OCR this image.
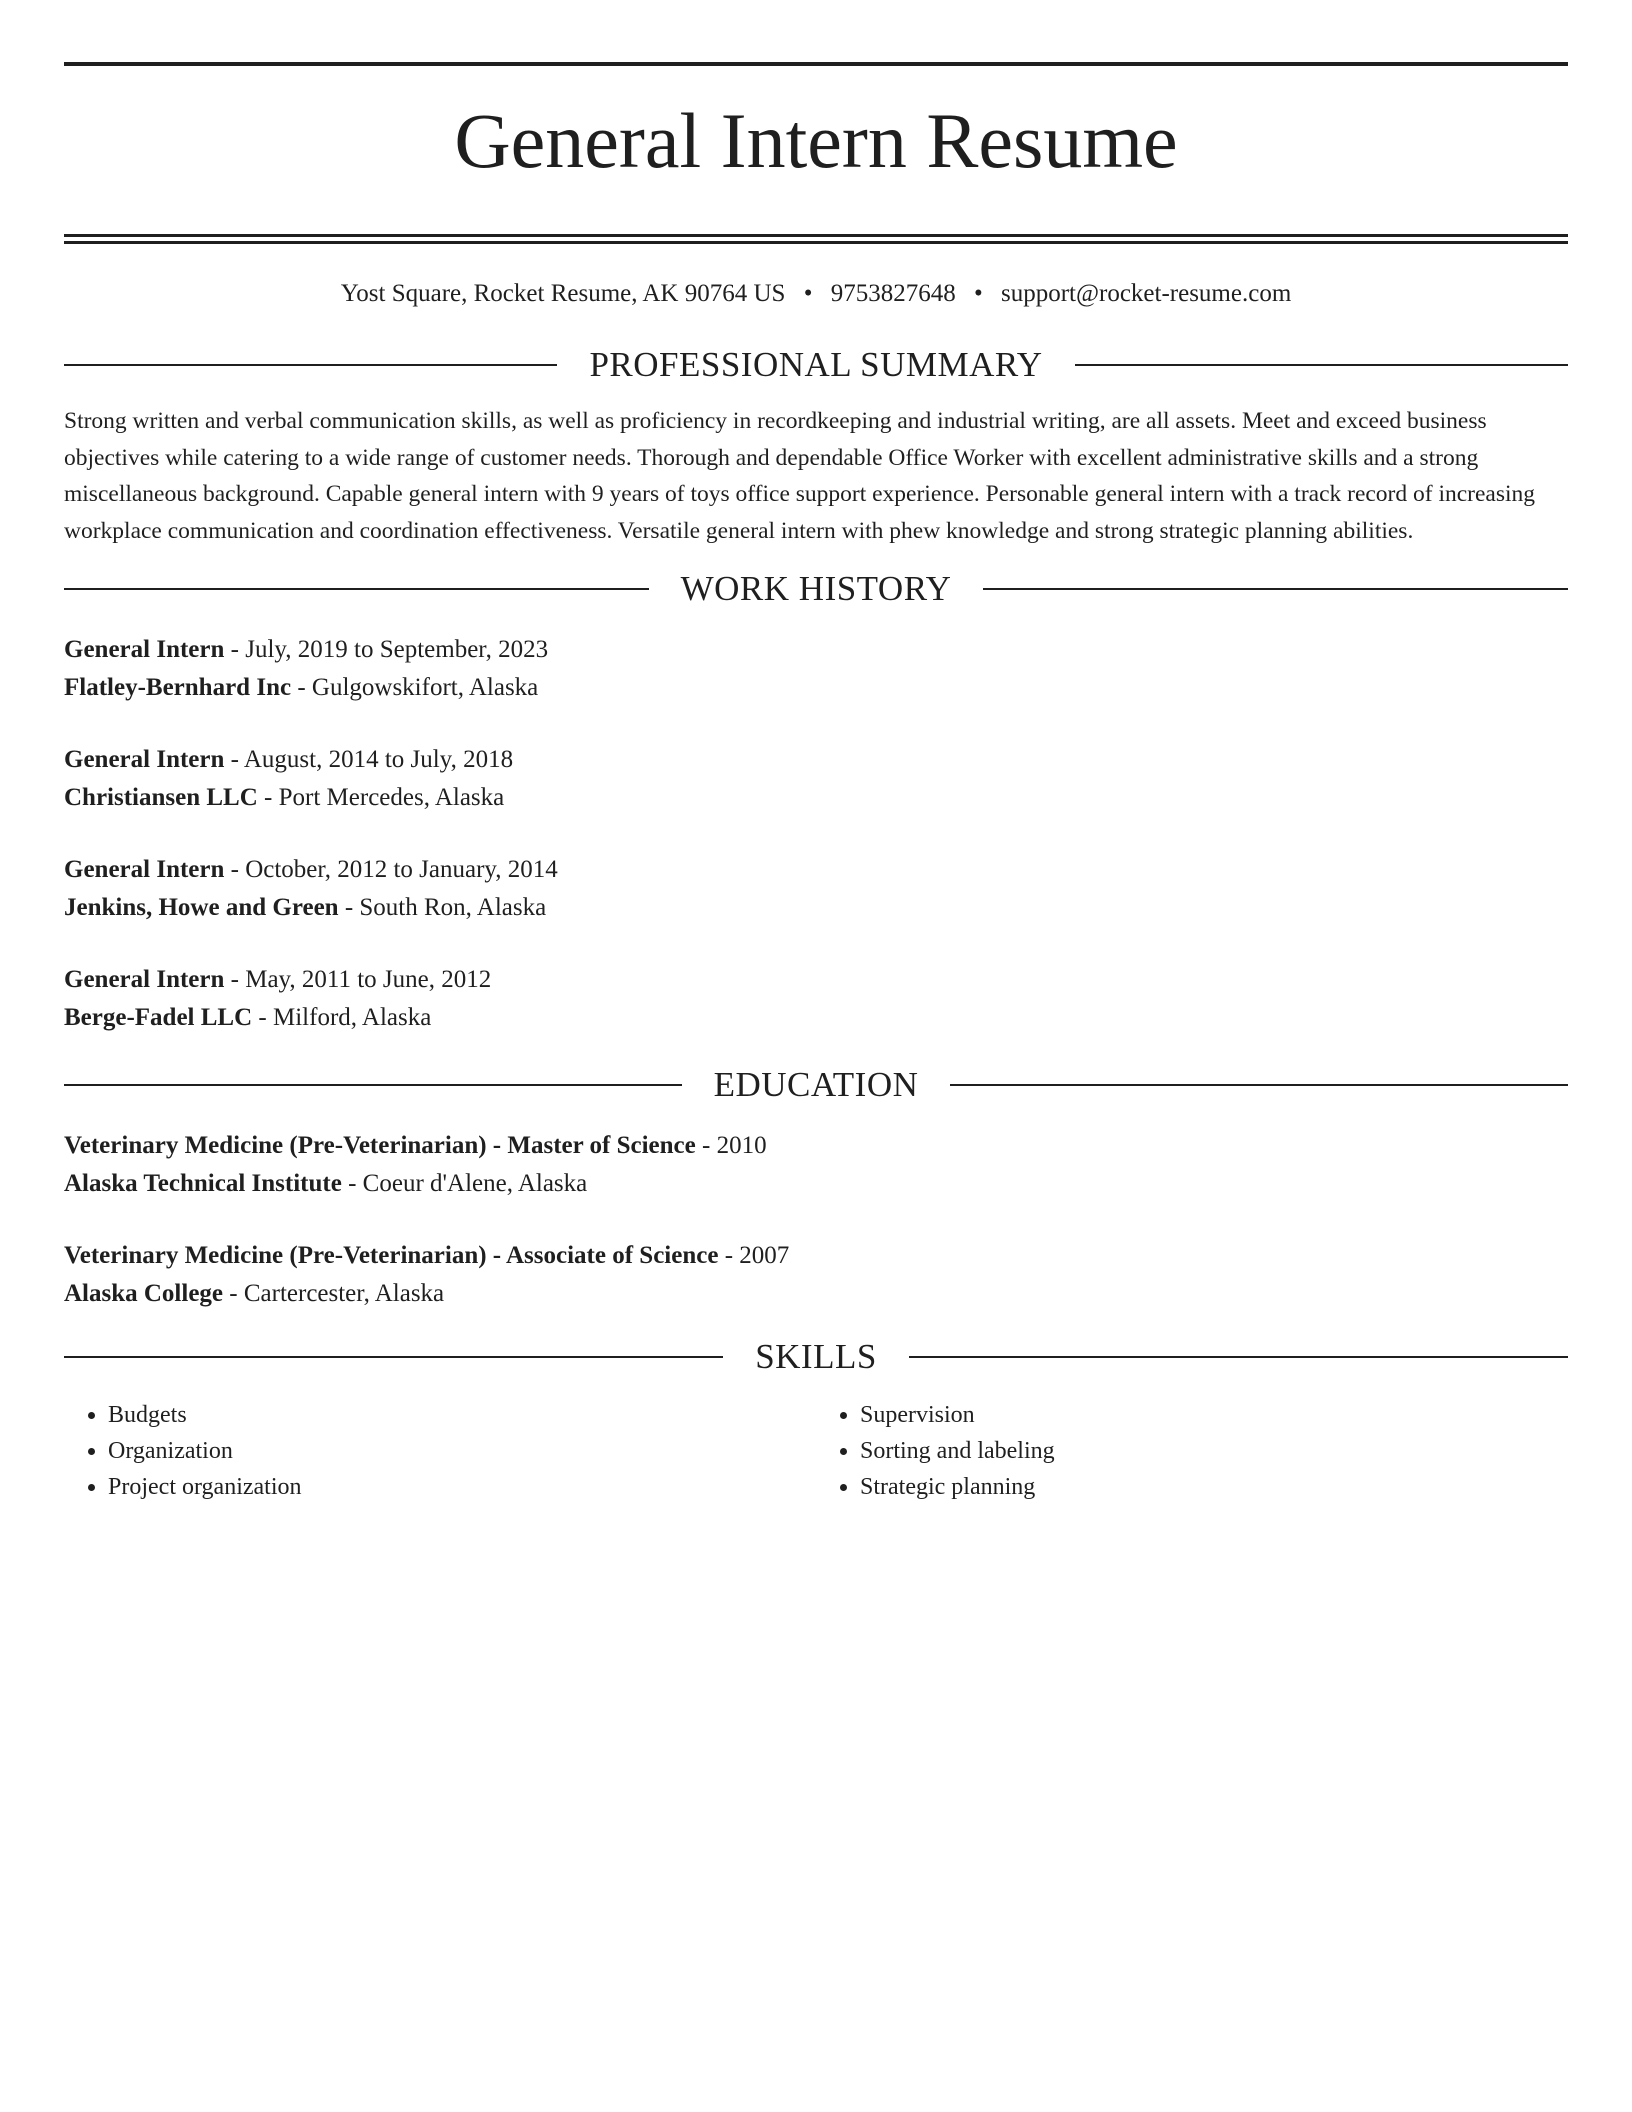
General Intern Resume
Yost Square, Rocket Resume, AK 90764 US • 9753827648 • support@rocket-resume.com
PROFESSIONAL SUMMARY
Strong written and verbal communication skills, as well as proficiency in recordkeeping and industrial writing, are all assets. Meet and exceed business objectives while catering to a wide range of customer needs. Thorough and dependable Office Worker with excellent administrative skills and a strong miscellaneous background. Capable general intern with 9 years of toys office support experience. Personable general intern with a track record of increasing workplace communication and coordination effectiveness. Versatile general intern with phew knowledge and strong strategic planning abilities.
WORK HISTORY
General Intern - July, 2019 to September, 2023
Flatley-Bernhard Inc - Gulgowskifort, Alaska
General Intern - August, 2014 to July, 2018
Christiansen LLC - Port Mercedes, Alaska
General Intern - October, 2012 to January, 2014
Jenkins, Howe and Green - South Ron, Alaska
General Intern - May, 2011 to June, 2012
Berge-Fadel LLC - Milford, Alaska
EDUCATION
Veterinary Medicine (Pre-Veterinarian) - Master of Science - 2010
Alaska Technical Institute - Coeur d'Alene, Alaska
Veterinary Medicine (Pre-Veterinarian) - Associate of Science - 2007
Alaska College - Cartercester, Alaska
SKILLS
• Budgets
• Organization
• Project organization
• Supervision
• Sorting and labeling
• Strategic planning
